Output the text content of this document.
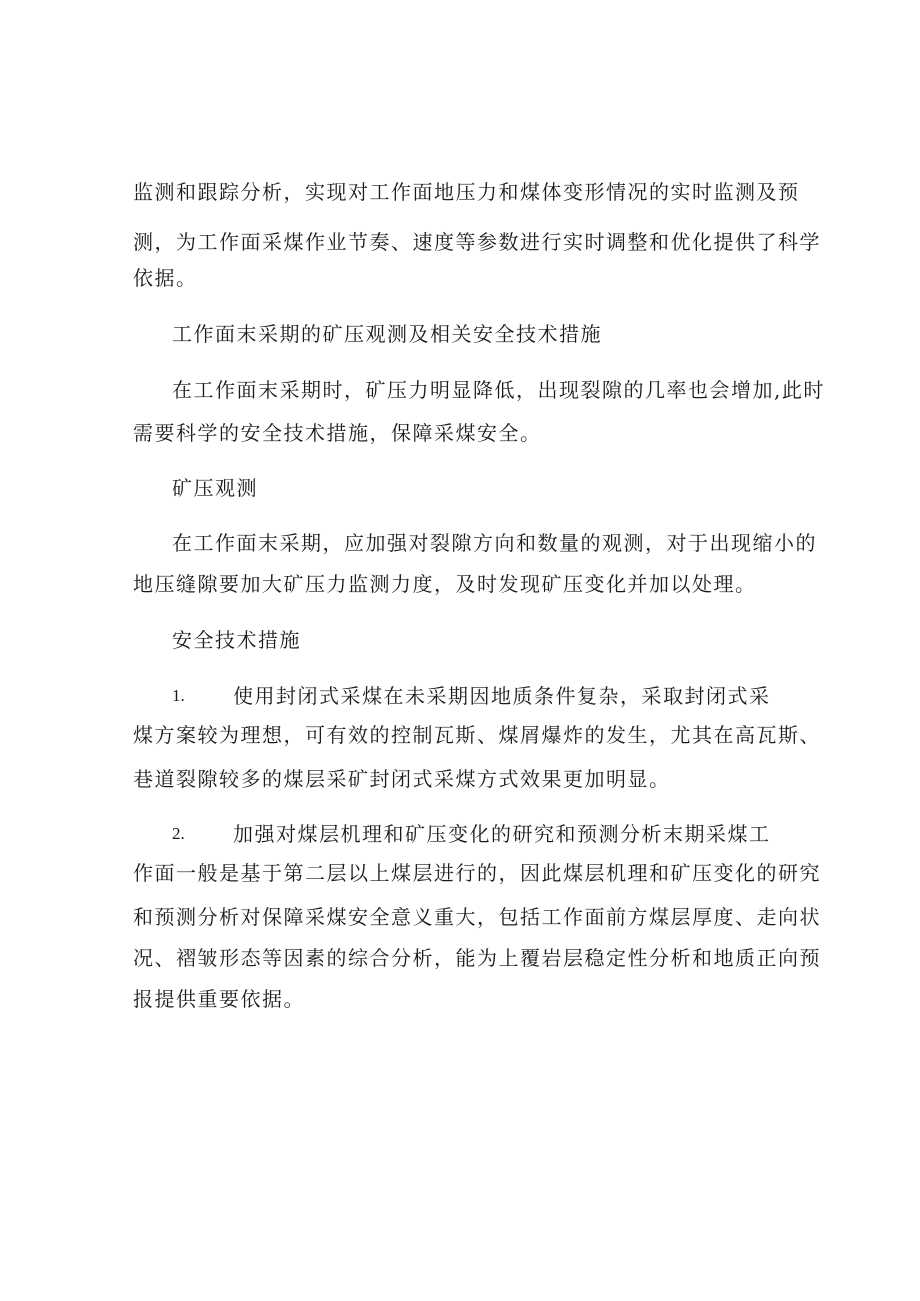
监测和跟踪分析，实现对工作面地压力和煤体变形情况的实时监测及预
测，为工作面采煤作业节奏、速度等参数进行实时调整和优化提供了科学
依据。
工作面末采期的矿压观测及相关安全技术措施
在工作面末采期时，矿压力明显降低，出现裂隙的几率也会增加,此时
需要科学的安全技术措施，保障采煤安全。
矿压观测
在工作面末采期，应加强对裂隙方向和数量的观测，对于出现缩小的
地压缝隙要加大矿压力监测力度，及时发现矿压变化并加以处理。
安全技术措施
1. 使用封闭式采煤在未采期因地质条件复杂，采取封闭式采
煤方案较为理想，可有效的控制瓦斯、煤屑爆炸的发生，尤其在高瓦斯、
巷道裂隙较多的煤层采矿封闭式采煤方式效果更加明显。
2. 加强对煤层机理和矿压变化的研究和预测分析末期采煤工
作面一般是基于第二层以上煤层进行的，因此煤层机理和矿压变化的研究
和预测分析对保障采煤安全意义重大，包括工作面前方煤层厚度、走向状
况、褶皱形态等因素的综合分析，能为上覆岩层稳定性分析和地质正向预
报提供重要依据。
